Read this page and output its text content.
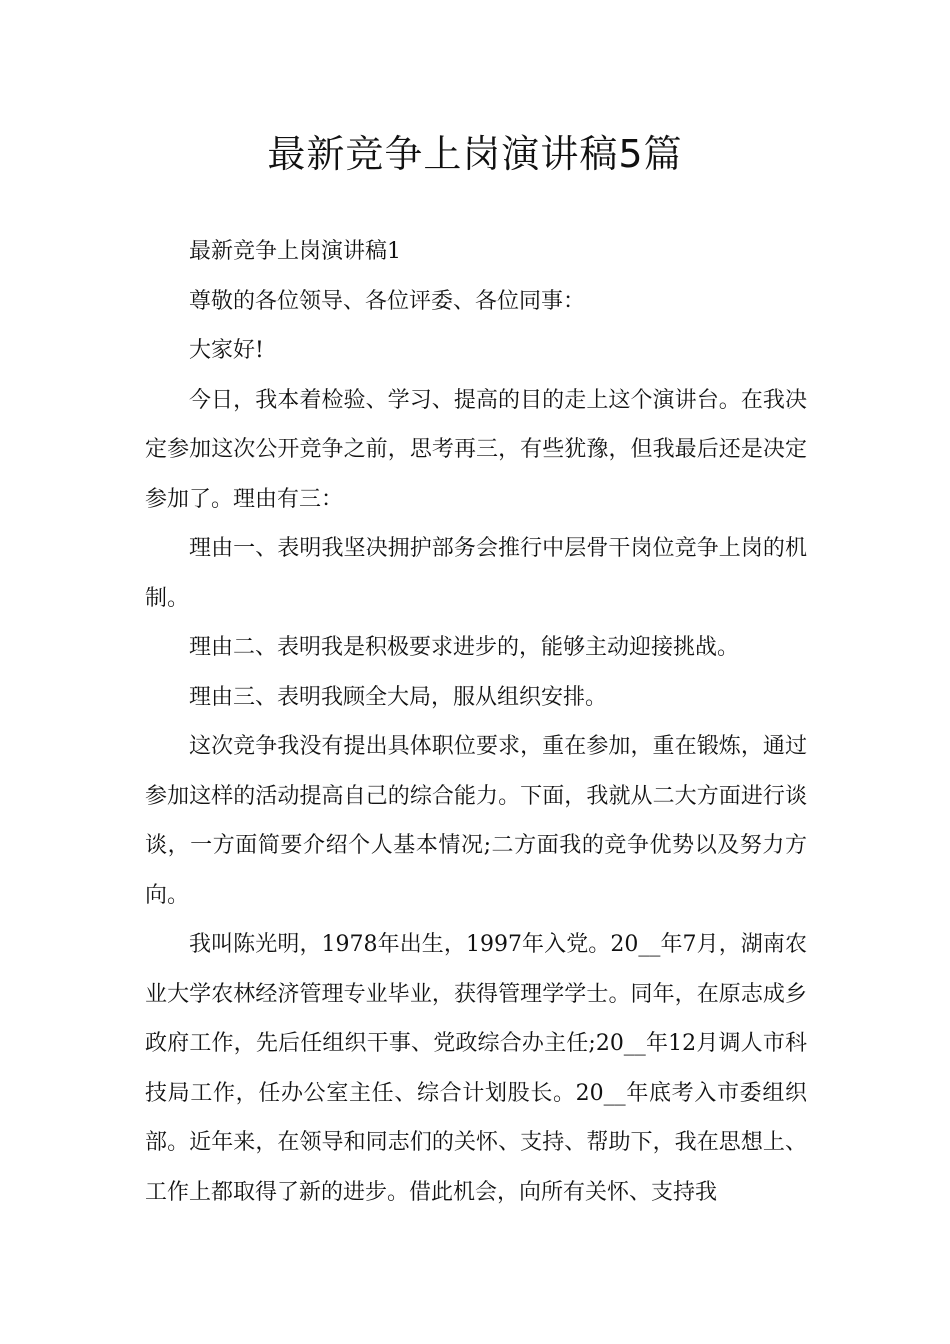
最新竞争上岗演讲稿5篇

最新竞争上岗演讲稿1

尊敬的各位领导、各位评委、各位同事：

大家好!

今日，我本着检验、学习、提高的目的走上这个演讲台。在我决定参加这次公开竞争之前，思考再三，有些犹豫，但我最后还是决定参加了。理由有三：

理由一、表明我坚决拥护部务会推行中层骨干岗位竞争上岗的机制。

理由二、表明我是积极要求进步的，能够主动迎接挑战。

理由三、表明我顾全大局，服从组织安排。

这次竞争我没有提出具体职位要求，重在参加，重在锻炼，通过参加这样的活动提高自己的综合能力。下面，我就从二大方面进行谈谈，一方面简要介绍个人基本情况;二方面我的竞争优势以及努力方向。

我叫陈光明，1978年出生，1997年入党。20__年7月，湖南农业大学农林经济管理专业毕业，获得管理学学士。同年，在原志成乡政府工作，先后任组织干事、党政综合办主任;20__年12月调人市科技局工作，任办公室主任、综合计划股长。20__年底考入市委组织部。近年来，在领导和同志们的关怀、支持、帮助下，我在思想上、工作上都取得了新的进步。借此机会，向所有关怀、支持我
